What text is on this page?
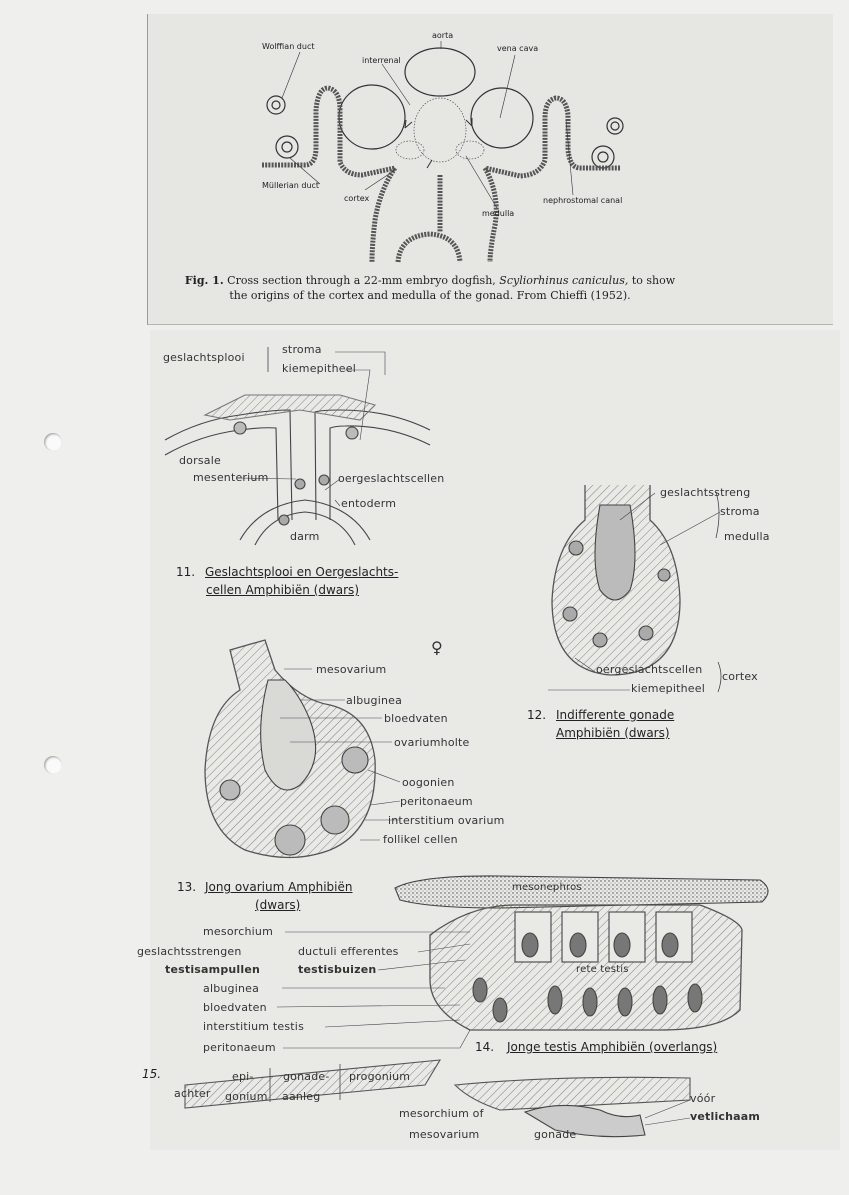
aorta
Wolffian duct
interrenal
vena cava
Müllerian duct
cortex
medulla
nephrostomal canal
Fig. 1. Cross section through a 22-mm embryo dogfish, Scyliorhinus caniculus, to show the origins of the cortex and medulla of the gonad. From Chieffi (1952).
geslachtsplooi
stroma
kiemepitheel
dorsale
mesenterium	oergeslachtscellen
entoderm
darm
11. Geslachtsplooi en Oergeslachts-
cellen Amphibiën (dwars)
geslachtsstreng
stroma
medulla
oergeslachtscellen
kiemepitheel
cortex
♀
12. Indifferente gonade
Amphibiën (dwars)
mesovarium
albuginea
bloedvaten
ovariumholte
oogonien
peritonaeum
interstitium ovarium
follikel cellen
13. Jong ovarium Amphibiën
(dwars)
mesonephros
mesorchium
geslachtsstrengen	ductuli efferentes
testisampullen	testisbuizen	rete testis
albuginea
bloedvaten
interstitium testis
peritonaeum	14. Jonge testis Amphibiën (overlangs)
15.
achter
epi-
gonium
gonade-
aanleg
progonium
mesorchium of
mesovarium	gonade
vóór
vetlichaam
